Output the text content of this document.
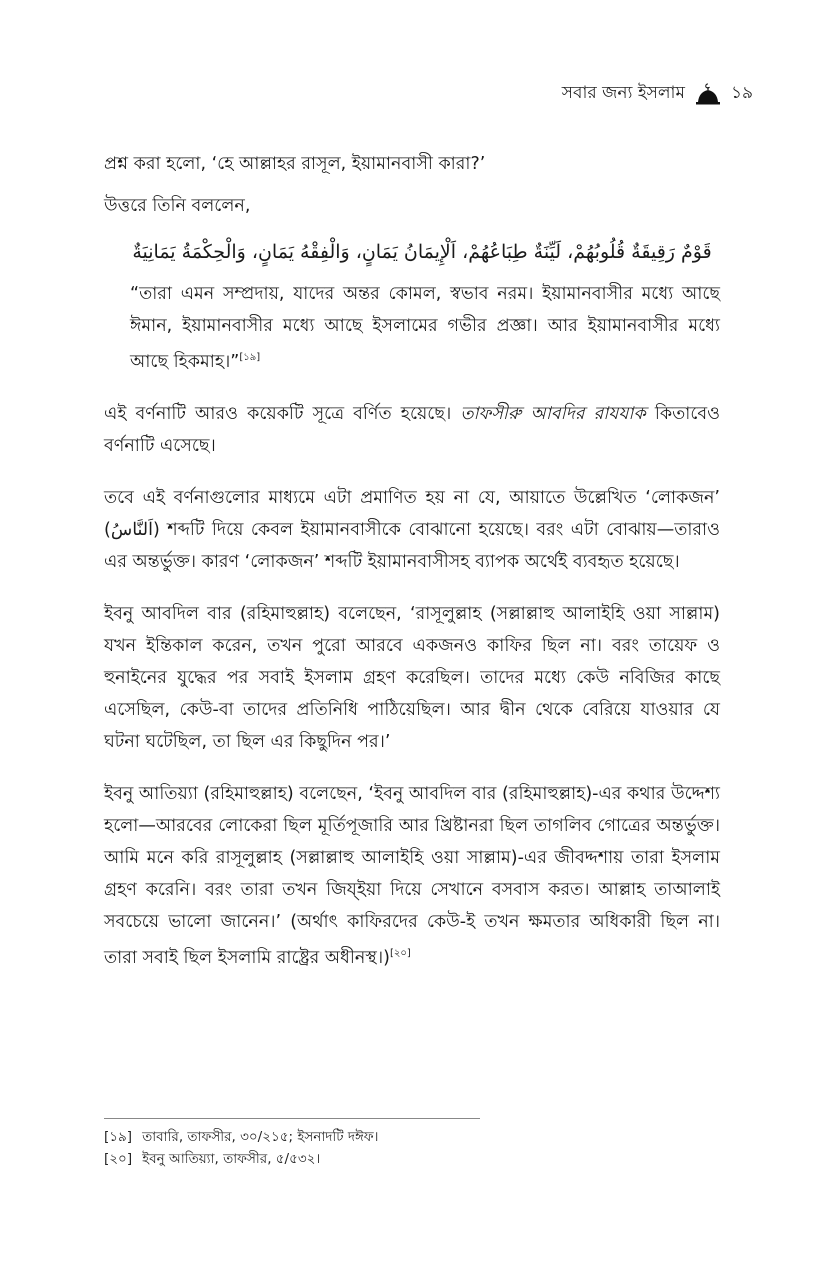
সবার জন্য ইসলাম	১৯

প্রশ্ন করা হলো, ‘হে আল্লাহর রাসূল, ইয়ামানবাসী কারা?’

উত্তরে তিনি বললেন,

قَوْمٌ رَقِيقَةٌ قُلُوبُهُمْ، لَيِّنَةٌ طِبَاعُهُمْ، اَلْإِيمَانُ يَمَانٍ، وَالْفِقْهُ يَمَانٍ، وَالْحِكْمَةُ يَمَانِيَةٌ

“তারা এমন সম্প্রদায়, যাদের অন্তর কোমল, স্বভাব নরম। ইয়ামানবাসীর মধ্যে আছে ঈমান, ইয়ামানবাসীর মধ্যে আছে ইসলামের গভীর প্রজ্ঞা। আর ইয়ামানবাসীর মধ্যে আছে হিকমাহ।”[১৯]

এই বর্ণনাটি আরও কয়েকটি সূত্রে বর্ণিত হয়েছে। তাফসীরু আবদির রাযযাক কিতাবেও বর্ণনাটি এসেছে।

তবে এই বর্ণনাগুলোর মাধ্যমে এটা প্রমাণিত হয় না যে, আয়াতে উল্লেখিত ‘লোকজন’ (اَلنَّاسُ) শব্দটি দিয়ে কেবল ইয়ামানবাসীকে বোঝানো হয়েছে। বরং এটা বোঝায়—তারাও এর অন্তর্ভুক্ত। কারণ ‘লোকজন’ শব্দটি ইয়ামানবাসীসহ ব্যাপক অর্থেই ব্যবহৃত হয়েছে।

ইবনু আবদিল বার (রহিমাহুল্লাহ) বলেছেন, ‘রাসূলুল্লাহ (সল্লাল্লাহু আলাইহি ওয়া সাল্লাম) যখন ইন্তিকাল করেন, তখন পুরো আরবে একজনও কাফির ছিল না। বরং তায়েফ ও হুনাইনের যুদ্ধের পর সবাই ইসলাম গ্রহণ করেছিল। তাদের মধ্যে কেউ নবিজির কাছে এসেছিল, কেউ-বা তাদের প্রতিনিধি পাঠিয়েছিল। আর দ্বীন থেকে বেরিয়ে যাওয়ার যে ঘটনা ঘটেছিল, তা ছিল এর কিছুদিন পর।’

ইবনু আতিয়্যা (রহিমাহুল্লাহ) বলেছেন, ‘ইবনু আবদিল বার (রহিমাহুল্লাহ)-এর কথার উদ্দেশ্য হলো—আরবের লোকেরা ছিল মূর্তিপূজারি আর খ্রিষ্টানরা ছিল তাগলিব গোত্রের অন্তর্ভুক্ত। আমি মনে করি রাসূলুল্লাহ (সল্লাল্লাহু আলাইহি ওয়া সাল্লাম)-এর জীবদ্দশায় তারা ইসলাম গ্রহণ করেনি। বরং তারা তখন জিয্‌ইয়া দিয়ে সেখানে বসবাস করত। আল্লাহ তাআলাই সবচেয়ে ভালো জানেন।’ (অর্থাৎ কাফিরদের কেউ-ই তখন ক্ষমতার অধিকারী ছিল না। তারা সবাই ছিল ইসলামি রাষ্ট্রের অধীনস্থ।)[২০]

[১৯] তাবারি, তাফসীর, ৩০/২১৫; ইসনাদটি দঈফ।
[২০] ইবনু আতিয়্যা, তাফসীর, ৫/৫৩২।
